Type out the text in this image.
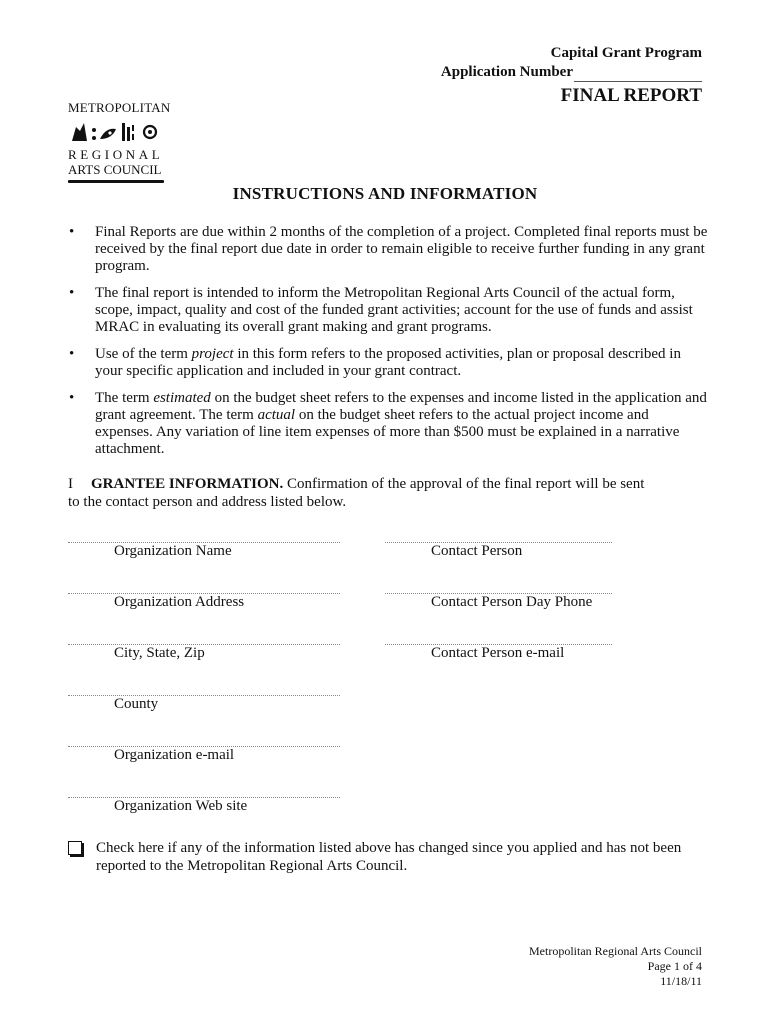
Capital Grant Program
Application Number
FINAL REPORT
METROPOLITAN
REGIONAL
ARTS COUNCIL
INSTRUCTIONS AND INFORMATION
• Final Reports are due within 2 months of the completion of a project. Completed final reports must be received by the final report due date in order to remain eligible to receive further funding in any grant program.
• The final report is intended to inform the Metropolitan Regional Arts Council of the actual form, scope, impact, quality and cost of the funded grant activities; account for the use of funds and assist MRAC in evaluating its overall grant making and grant programs.
• Use of the term project in this form refers to the proposed activities, plan or proposal described in your specific application and included in your grant contract.
• The term estimated on the budget sheet refers to the expenses and income listed in the application and grant agreement. The term actual on the budget sheet refers to the actual project income and expenses. Any variation of line item expenses of more than $500 must be explained in a narrative attachment.
I	GRANTEE INFORMATION. Confirmation of the approval of the final report will be sent
to the contact person and address listed below.
Organization Name
Organization Address
City, State, Zip
County
Organization e-mail
Organization Web site
Contact Person
Contact Person Day Phone
Contact Person e-mail
Check here if any of the information listed above has changed since you applied and has not been reported to the Metropolitan Regional Arts Council.
Metropolitan Regional Arts Council
Page 1 of 4
11/18/11
